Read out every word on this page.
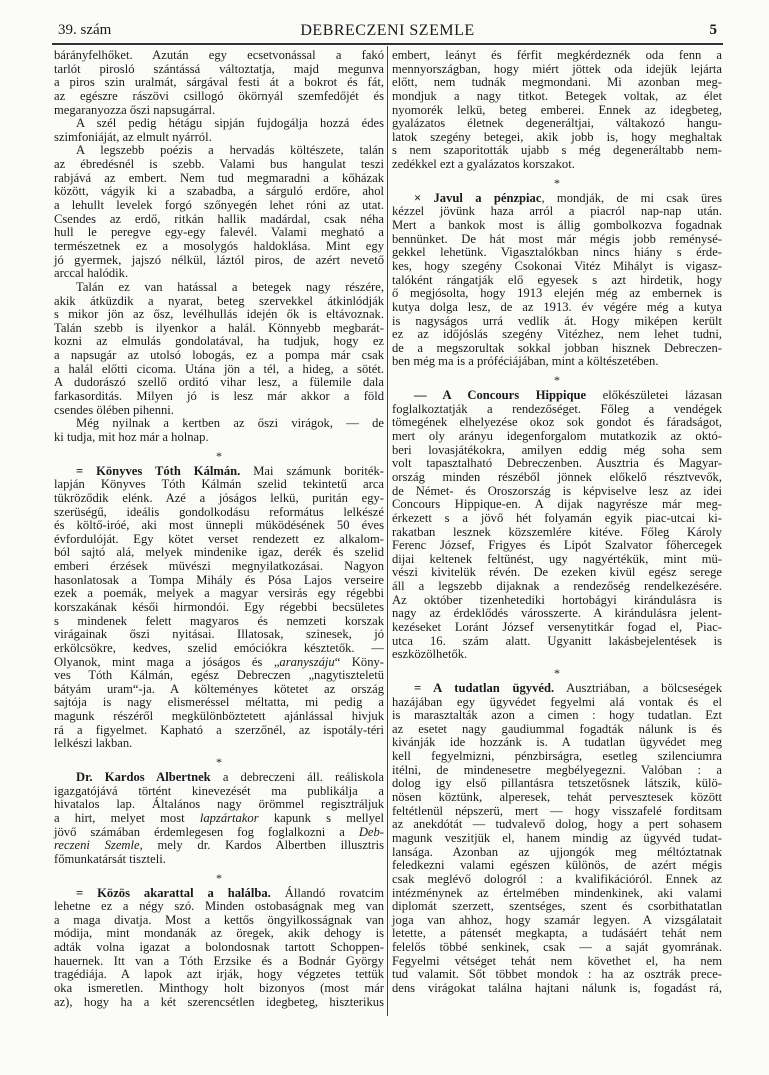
39. szám	DEBRECZENI SZEMLE	5
bárányfelhőket. Azután egy ecsetvonással a fakó
tarlót pirosló szántássá változtatja, majd megunva
a piros szin uralmát, sárgával festi át a bokrot és fát,
az egészre rászövi csillogó ökörnyál szemfedőjét és
megaranyozza őszi napsugárral.
A szél pedig hétágu sipján fujdogálja hozzá édes
szimfoniáját, az elmult nyárról.
A legszebb poézis a hervadás költészete, talán
az ébredésnél is szebb. Valami bus hangulat teszi
rabjává az embert. Nem tud megmaradni a kőházak
között, vágyik ki a szabadba, a sárguló erdőre, ahol
a lehullt levelek forgó szőnyegén lehet róni az utat.
Csendes az erdő, ritkán hallik madárdal, csak néha
hull le peregve egy-egy falevél. Valami megható a
természetnek ez a mosolygós haldoklása. Mint egy
jó gyermek, jajszó nélkül, láztól piros, de azért nevető
arccal halódik.
Talán ez van hatással a betegek nagy részére,
akik átküzdik a nyarat, beteg szervekkel átkinlódják
s mikor jön az ősz, levélhullás idején ők is eltávoznak.
Talán szebb is ilyenkor a halál. Könnyebb megbarát-
kozni az elmulás gondolatával, ha tudjuk, hogy ez
a napsugár az utolsó lobogás, ez a pompa már csak
a halál előtti cicoma. Utána jön a tél, a hideg, a sötét.
A dudorászó szellő orditó vihar lesz, a fülemile dala
farkasorditás. Milyen jó is lesz már akkor a föld
csendes ölében pihenni.
Még nyilnak a kertben az őszi virágok, — de
ki tudja, mit hoz már a holnap.
*
= Könyves Tóth Kálmán. Mai számunk boriték-
lapján Könyves Tóth Kálmán szelid tekintetű arca
tükröződik elénk. Azé a jóságos lelkü, puritán egy-
szerüségű, ideális gondolkodásu református lelkészé
és költő-iróé, aki most ünnepli müködésének 50 éves
évfordulóját. Egy kötet verset rendezett ez alkalom-
ból sajtó alá, melyek mindenike igaz, derék és szelid
emberi érzések müvészi megnyilatkozásai. Nagyon
hasonlatosak a Tompa Mihály és Pósa Lajos verseire
ezek a poemák, melyek a magyar versirás egy régebbi
korszakának késői hirmondói. Egy régebbi becsületes
s mindenek felett magyaros és nemzeti korszak
virágainak őszi nyitásai. Illatosak, szinesek, jó
erkölcsökre, kedves, szelid emóciókra késztetők. —
Olyanok, mint maga a jóságos és „aranyszáju“ Köny-
ves Tóth Kálmán, egész Debreczen „nagytiszteletü
bátyám uram“-ja. A költeményes kötetet az ország
sajtója is nagy elismeréssel méltatta, mi pedig a
magunk részéről megkülönböztetett ajánlással hivjuk
rá a figyelmet. Kapható a szerzőnél, az ispotály-téri
lelkészi lakban.
*
Dr. Kardos Albertnek a debreczeni áll. reáliskola
igazgatójává történt kinevezését ma publikálja a
hivatalos lap. Általános nagy örömmel regisztráljuk
a hirt, melyet most lapzártakor kapunk s mellyel
jövő számában érdemlegesen fog foglalkozni a Deb-
reczeni Szemle, mely dr. Kardos Albertben illusztris
főmunkatársát tiszteli.
*
= Közös akarattal a halálba. Állandó rovatcim
lehetne ez a négy szó. Minden ostobaságnak meg van
a maga divatja. Most a kettős öngyilkosságnak van
módija, mint mondanák az öregek, akik dehogy is
adták volna igazat a bolondosnak tartott Schoppen-
hauernek. Itt van a Tóth Erzsike és a Bodnár György
tragédiája. A lapok azt irják, hogy végzetes tettük
oka ismeretlen. Minthogy holt bizonyos (most már
az), hogy ha a két szerencsétlen idegbeteg, hiszterikus
embert, leányt és férfit megkérdeznék oda fenn a
mennyországban, hogy miért jöttek oda idejük lejárta
előtt, nem tudnák megmondani. Mi azonban meg-
mondjuk a nagy titkot. Betegek voltak, az élet
nyomorék lelkü, beteg emberei. Ennek az idegbeteg,
gyalázatos életnek degeneráltjai, váltakozó hangu-
latok szegény betegei, akik jobb is, hogy meghaltak
s nem szaporitották ujabb s még degeneráltabb nem-
zedékkel ezt a gyalázatos korszakot.
*
× Javul a pénzpiac, mondják, de mi csak üres
kézzel jövünk haza arról a piacról nap-nap után.
Mert a bankok most is állig gombolkozva fogadnak
bennünket. De hát most már mégis jobb reménysé-
gekkel lehetünk. Vigasztalókban nincs hiány s érde-
kes, hogy szegény Csokonai Vitéz Mihályt is vigasz-
talóként rángatják elő egyesek s azt hirdetik, hogy
ő megjósolta, hogy 1913 elején még az embernek is
kutya dolga lesz, de az 1913. év végére még a kutya
is nagyságos urrá vedlik át. Hogy miképen került
ez az időjóslás szegény Vitézhez, nem lehet tudni,
de a megszorultak sokkal jobban hisznek Debreczen-
ben még ma is a próféciájában, mint a költészetében.
*
— A Concours Hippique előkészületei lázasan
foglalkoztatják a rendezőséget. Főleg a vendégek
tömegének elhelyezése okoz sok gondot és fáradságot,
mert oly arányu idegenforgalom mutatkozik az októ-
beri lovasjátékokra, amilyen eddig még soha sem
volt tapasztalható Debreczenben. Ausztria és Magyar-
ország minden részéből jönnek előkelő résztvevők,
de Német- és Oroszország is képviselve lesz az idei
Concours Hippique-en. A dijak nagyrésze már meg-
érkezett s a jövő hét folyamán egyik piac-utcai ki-
rakatban lesznek közszemlére kitéve. Főleg Károly
Ferenc József, Frigyes és Lipót Szalvator főhercegek
dijai keltenek feltünést, ugy nagyértékük, mint mü-
vészi kivitelük révén. De ezeken kivül egész serege
áll a legszebb dijaknak a rendezőség rendelkezésére.
Az október tizenhetediki hortobágyi kirándulásra is
nagy az érdeklődés városszerte. A kirándulásra jelent-
kezéseket Loránt József versenytitkár fogad el, Piac-
utca 16. szám alatt. Ugyanitt lakásbejelentések is
eszközölhetők.
*
= A tudatlan ügyvéd. Ausztriában, a bölcseségek
hazájában egy ügyvédet fegyelmi alá vontak és el
is marasztalták azon a cimen : hogy tudatlan. Ezt
az esetet nagy gaudiummal fogadták nálunk is és
kivánják ide hozzánk is. A tudatlan ügyvédet meg
kell fegyelmizni, pénzbirságra, esetleg szilenciumra
itélni, de mindenesetre megbélyegezni. Valóban : a
dolog igy első pillantásra tetszetősnek látszik, külö-
nösen köztünk, alperesek, tehát pervesztesek között
feltétlenül népszerü, mert — hogy visszafelé forditsam
az anekdótát — tudvalevő dolog, hogy a pert sohasem
magunk veszitjük el, hanem mindig az ügyvéd tudat-
lansága. Azonban az ujjongók meg méltóztatnak
feledkezni valami egészen különös, de azért mégis
csak meglévő dologról : a kvalifikációról. Ennek az
intézménynek az értelmében mindenkinek, aki valami
diplomát szerzett, szentséges, szent és csorbithatatlan
joga van ahhoz, hogy szamár legyen. A vizsgálatait
letette, a pátensét megkapta, a tudásáért tehát nem
felelős többé senkinek, csak — a saját gyomrának.
Fegyelmi vétséget tehát nem követhet el, ha nem
tud valamit. Sőt többet mondok : ha az osztrák prece-
dens virágokat találna hajtani nálunk is, fogadást rá,
